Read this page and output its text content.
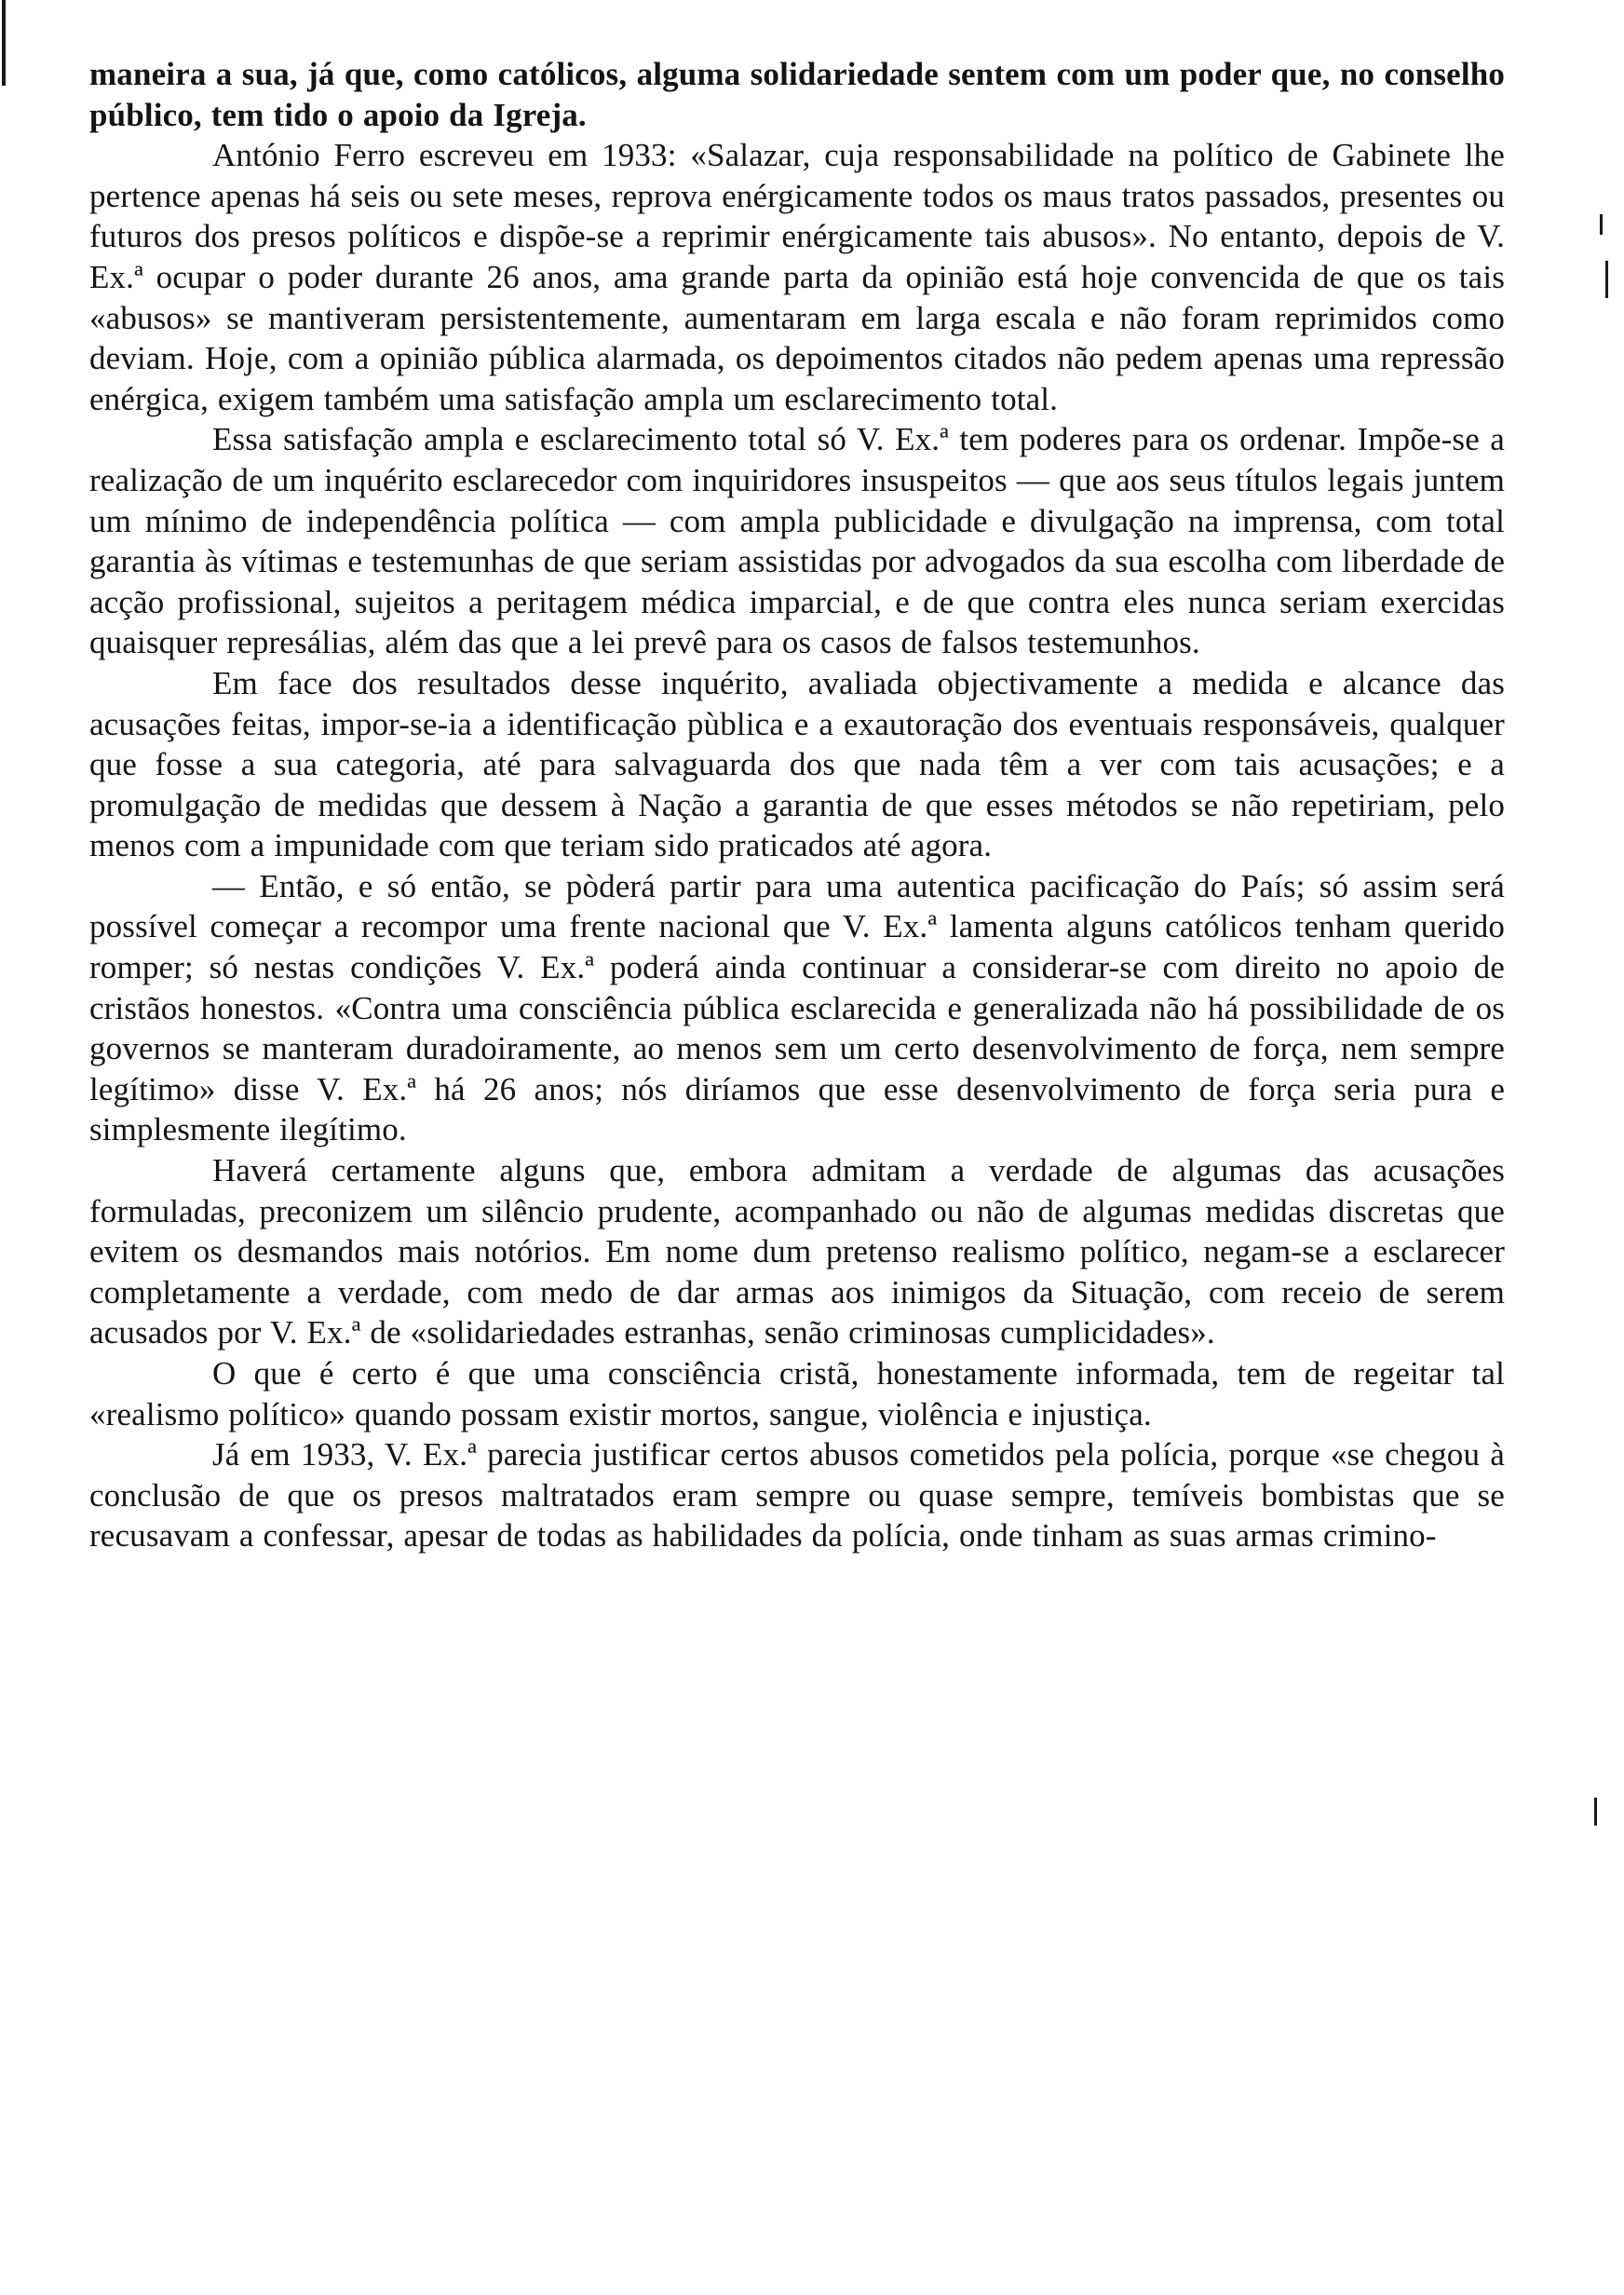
maneira a sua, já que, como católicos, alguma solidariedade sentem com um poder que, no conselho público, tem tido o apoio da Igreja.

António Ferro escreveu em 1933: «Salazar, cuja responsabilidade na político de Gabinete lhe pertence apenas há seis ou sete meses, reprova enérgicamente todos os maus tratos passados, presentes ou futuros dos presos políticos e dispõe-se a reprimir enérgicamente tais abusos». No entanto, depois de V. Ex.ª ocupar o poder durante 26 anos, ama grande parta da opinião está hoje convencida de que os tais «abusos» se mantiveram persistentemente, aumentaram em larga escala e não foram reprimidos como deviam. Hoje, com a opinião pública alarmada, os depoimentos citados não pedem apenas uma repressão enérgica, exigem também uma satisfação ampla um esclarecimento total.

Essa satisfação ampla e esclarecimento total só V. Ex.ª tem poderes para os ordenar. Impõe-se a realização de um inquérito esclarecedor com inquiridores insuspeitos — que aos seus títulos legais juntem um mínimo de independência política — com ampla publicidade e divulgação na imprensa, com total garantia às vítimas e testemunhas de que seriam assistidas por advogados da sua escolha com liberdade de acção profissional, sujeitos a peritagem médica imparcial, e de que contra eles nunca seriam exercidas quaisquer represálias, além das que a lei prevê para os casos de falsos testemunhos.

Em face dos resultados desse inquérito, avaliada objectivamente a medida e alcance das acusações feitas, impor-se-ia a identificação pùblica e a exautoração dos eventuais responsáveis, qualquer que fosse a sua categoria, até para salvaguarda dos que nada têm a ver com tais acusações; e a promulgação de medidas que dessem à Nação a garantia de que esses métodos se não repetiriam, pelo menos com a impunidade com que teriam sido praticados até agora.

— Então, e só então, se pòderá partir para uma autentica pacificação do País; só assim será possível começar a recompor uma frente nacional que V. Ex.ª lamenta alguns católicos tenham querido romper; só nestas condições V. Ex.ª poderá ainda continuar a considerar-se com direito no apoio de cristãos honestos. «Contra uma consciência pública esclarecida e generalizada não há possibilidade de os governos se manteram duradoiramente, ao menos sem um certo desenvolvimento de força, nem sempre legítimo» disse V. Ex.ª há 26 anos; nós diríamos que esse desenvolvimento de força seria pura e simplesmente ilegítimo.

Haverá certamente alguns que, embora admitam a verdade de algumas das acusações formuladas, preconizem um silêncio prudente, acompanhado ou não de algumas medidas discretas que evitem os desmandos mais notórios. Em nome dum pretenso realismo político, negam-se a esclarecer completamente a verdade, com medo de dar armas aos inimigos da Situação, com receio de serem acusados por V. Ex.ª de «solidariedades estranhas, senão criminosas cumplicidades».

O que é certo é que uma consciência cristã, honestamente informada, tem de regeitar tal «realismo político» quando possam existir mortos, sangue, violência e injustiça.

Já em 1933, V. Ex.ª parecia justificar certos abusos cometidos pela polícia, porque «se chegou à conclusão de que os presos maltratados eram sempre ou quase sempre, temíveis bombistas que se recusavam a confessar, apesar de todas as habilidades da polícia, onde tinham as suas armas crimino-
